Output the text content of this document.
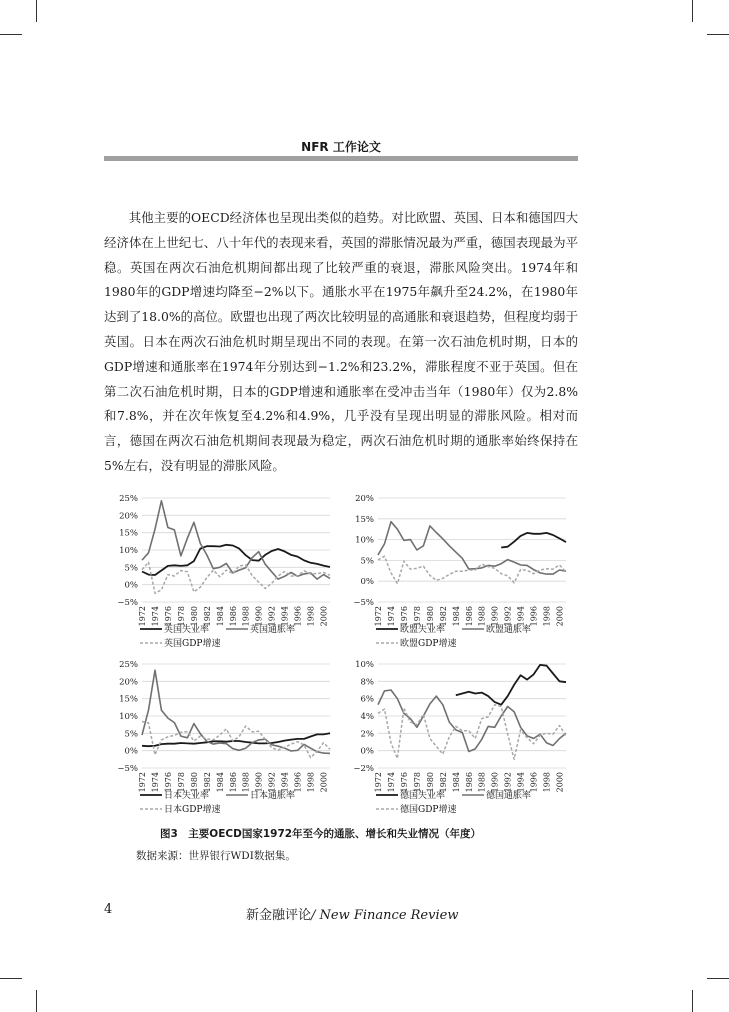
NFR 工作论文

其他主要的OECD经济体也呈现出类似的趋势。对比欧盟、英国、日本和德国四大经济体在上世纪七、八十年代的表现来看，英国的滞胀情况最为严重，德国表现最为平稳。英国在两次石油危机期间都出现了比较严重的衰退，滞胀风险突出。1974年和1980年的GDP增速均降至−2%以下。通胀水平在1975年飙升至24.2%，在1980年达到了18.0%的高位。欧盟也出现了两次比较明显的高通胀和衰退趋势，但程度均弱于英国。日本在两次石油危机时期呈现出不同的表现。在第一次石油危机时期，日本的GDP增速和通胀率在1974年分别达到−1.2%和23.2%，滞胀程度不亚于英国。但在第二次石油危机时期，日本的GDP增速和通胀率在受冲击当年（1980年）仅为2.8%和7.8%，并在次年恢复至4.2%和4.9%，几乎没有呈现出明显的滞胀风险。相对而言，德国在两次石油危机期间表现最为稳定，两次石油危机时期的通胀率始终保持在5%左右，没有明显的滞胀风险。

−5%
0%
5%
10%
15%
20%
25%
1972 1974 1976 1978 1980 1982 1984 1986 1988 1990 1992 1994 1996 1998 2000
英国失业率	英国通胀率
英国GDP增速
−5%
0%
5%
10%
15%
20%
1972 1974 1976 1978 1980 1982 1984 1986 1988 1990 1992 1994 1996 1998 2000
欧盟失业率	欧盟通胀率
欧盟GDP增速
−5%
0%
5%
10%
15%
20%
25%
1972 1974 1976 1978 1980 1982 1984 1986 1988 1990 1992 1994 1996 1998 2000
日本失业率	日本通胀率
日本GDP增速
−2%
0%
2%
4%
6%
8%
10%
1972 1974 1976 1978 1980 1982 1984 1986 1988 1990 1992 1994 1996 1998 2000
德国失业率	德国通胀率
德国GDP增速
图3　主要OECD国家1972年至今的通胀、增长和失业情况（年度）
数据来源：世界银行WDI数据集。
4	新金融评论/ New Finance Review
